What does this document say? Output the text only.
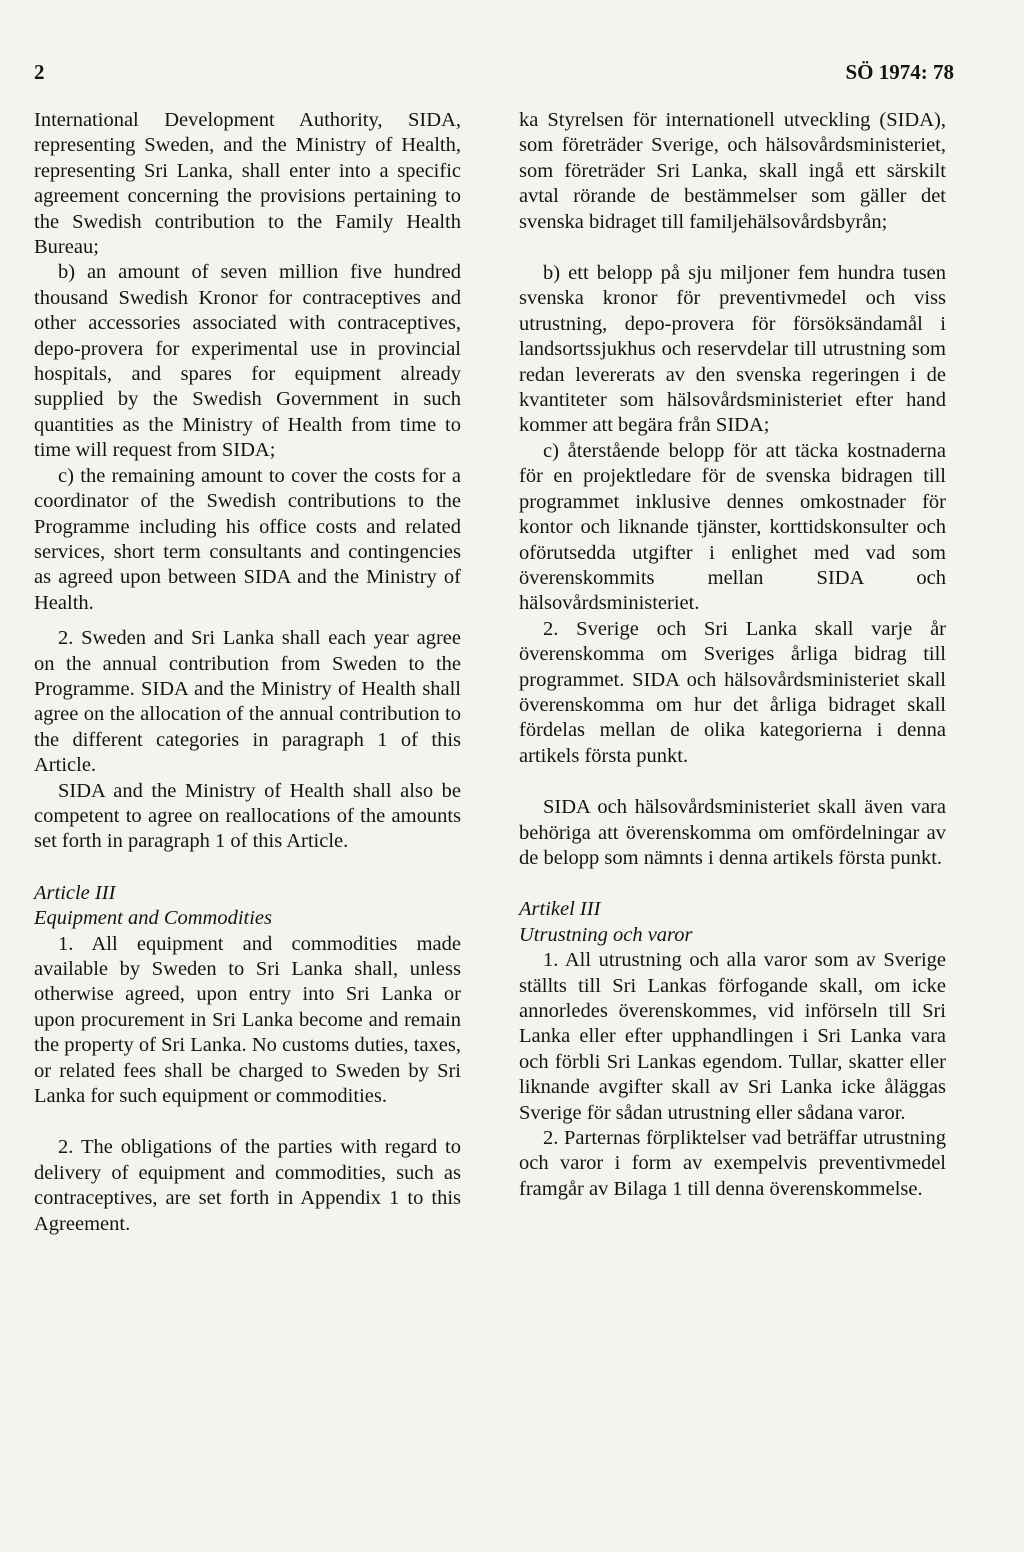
2	SÖ 1974: 78

International Development Authority, SIDA, representing Sweden, and the Ministry of Health, representing Sri Lanka, shall enter into a specific agreement concerning the provisions pertaining to the Swedish contribution to the Family Health Bureau;

b) an amount of seven million five hundred thousand Swedish Kronor for contraceptives and other accessories associated with contraceptives, depo-provera for experimental use in provincial hospitals, and spares for equipment already supplied by the Swedish Government in such quantities as the Ministry of Health from time to time will request from SIDA;

c) the remaining amount to cover the costs for a coordinator of the Swedish contributions to the Programme including his office costs and related services, short term consultants and contingencies as agreed upon between SIDA and the Ministry of Health.

2. Sweden and Sri Lanka shall each year agree on the annual contribution from Sweden to the Programme. SIDA and the Ministry of Health shall agree on the allocation of the annual contribution to the different categories in paragraph 1 of this Article.

SIDA and the Ministry of Health shall also be competent to agree on reallocations of the amounts set forth in paragraph 1 of this Article.

Article III

Equipment and Commodities

1. All equipment and commodities made available by Sweden to Sri Lanka shall, unless otherwise agreed, upon entry into Sri Lanka or upon procurement in Sri Lanka become and remain the property of Sri Lanka. No customs duties, taxes, or related fees shall be charged to Sweden by Sri Lanka for such equipment or commodities.

2. The obligations of the parties with regard to delivery of equipment and commodities, such as contraceptives, are set forth in Appendix 1 to this Agreement.

ka Styrelsen för internationell utveckling (SIDA), som företräder Sverige, och hälsovårdsministeriet, som företräder Sri Lanka, skall ingå ett särskilt avtal rörande de bestämmelser som gäller det svenska bidraget till familjehälsovårdsbyrån;

b) ett belopp på sju miljoner fem hundra tusen svenska kronor för preventivmedel och viss utrustning, depo-provera för försöksändamål i landsortssjukhus och reservdelar till utrustning som redan levererats av den svenska regeringen i de kvantiteter som hälsovårdsministeriet efter hand kommer att begära från SIDA;

c) återstående belopp för att täcka kostnaderna för en projektledare för de svenska bidragen till programmet inklusive dennes omkostnader för kontor och liknande tjänster, korttidskonsulter och oförutsedda utgifter i enlighet med vad som överenskommits mellan SIDA och hälsovårdsministeriet.

2. Sverige och Sri Lanka skall varje år överenskomma om Sveriges årliga bidrag till programmet. SIDA och hälsovårdsministeriet skall överenskomma om hur det årliga bidraget skall fördelas mellan de olika kategorierna i denna artikels första punkt.

SIDA och hälsovårdsministeriet skall även vara behöriga att överenskomma om omfördelningar av de belopp som nämnts i denna artikels första punkt.

Artikel III

Utrustning och varor

1. All utrustning och alla varor som av Sverige ställts till Sri Lankas förfogande skall, om icke annorledes överenskommes, vid införseln till Sri Lanka eller efter upphandlingen i Sri Lanka vara och förbli Sri Lankas egendom. Tullar, skatter eller liknande avgifter skall av Sri Lanka icke åläggas Sverige för sådan utrustning eller sådana varor.

2. Parternas förpliktelser vad beträffar utrustning och varor i form av exempelvis preventivmedel framgår av Bilaga 1 till denna överenskommelse.
